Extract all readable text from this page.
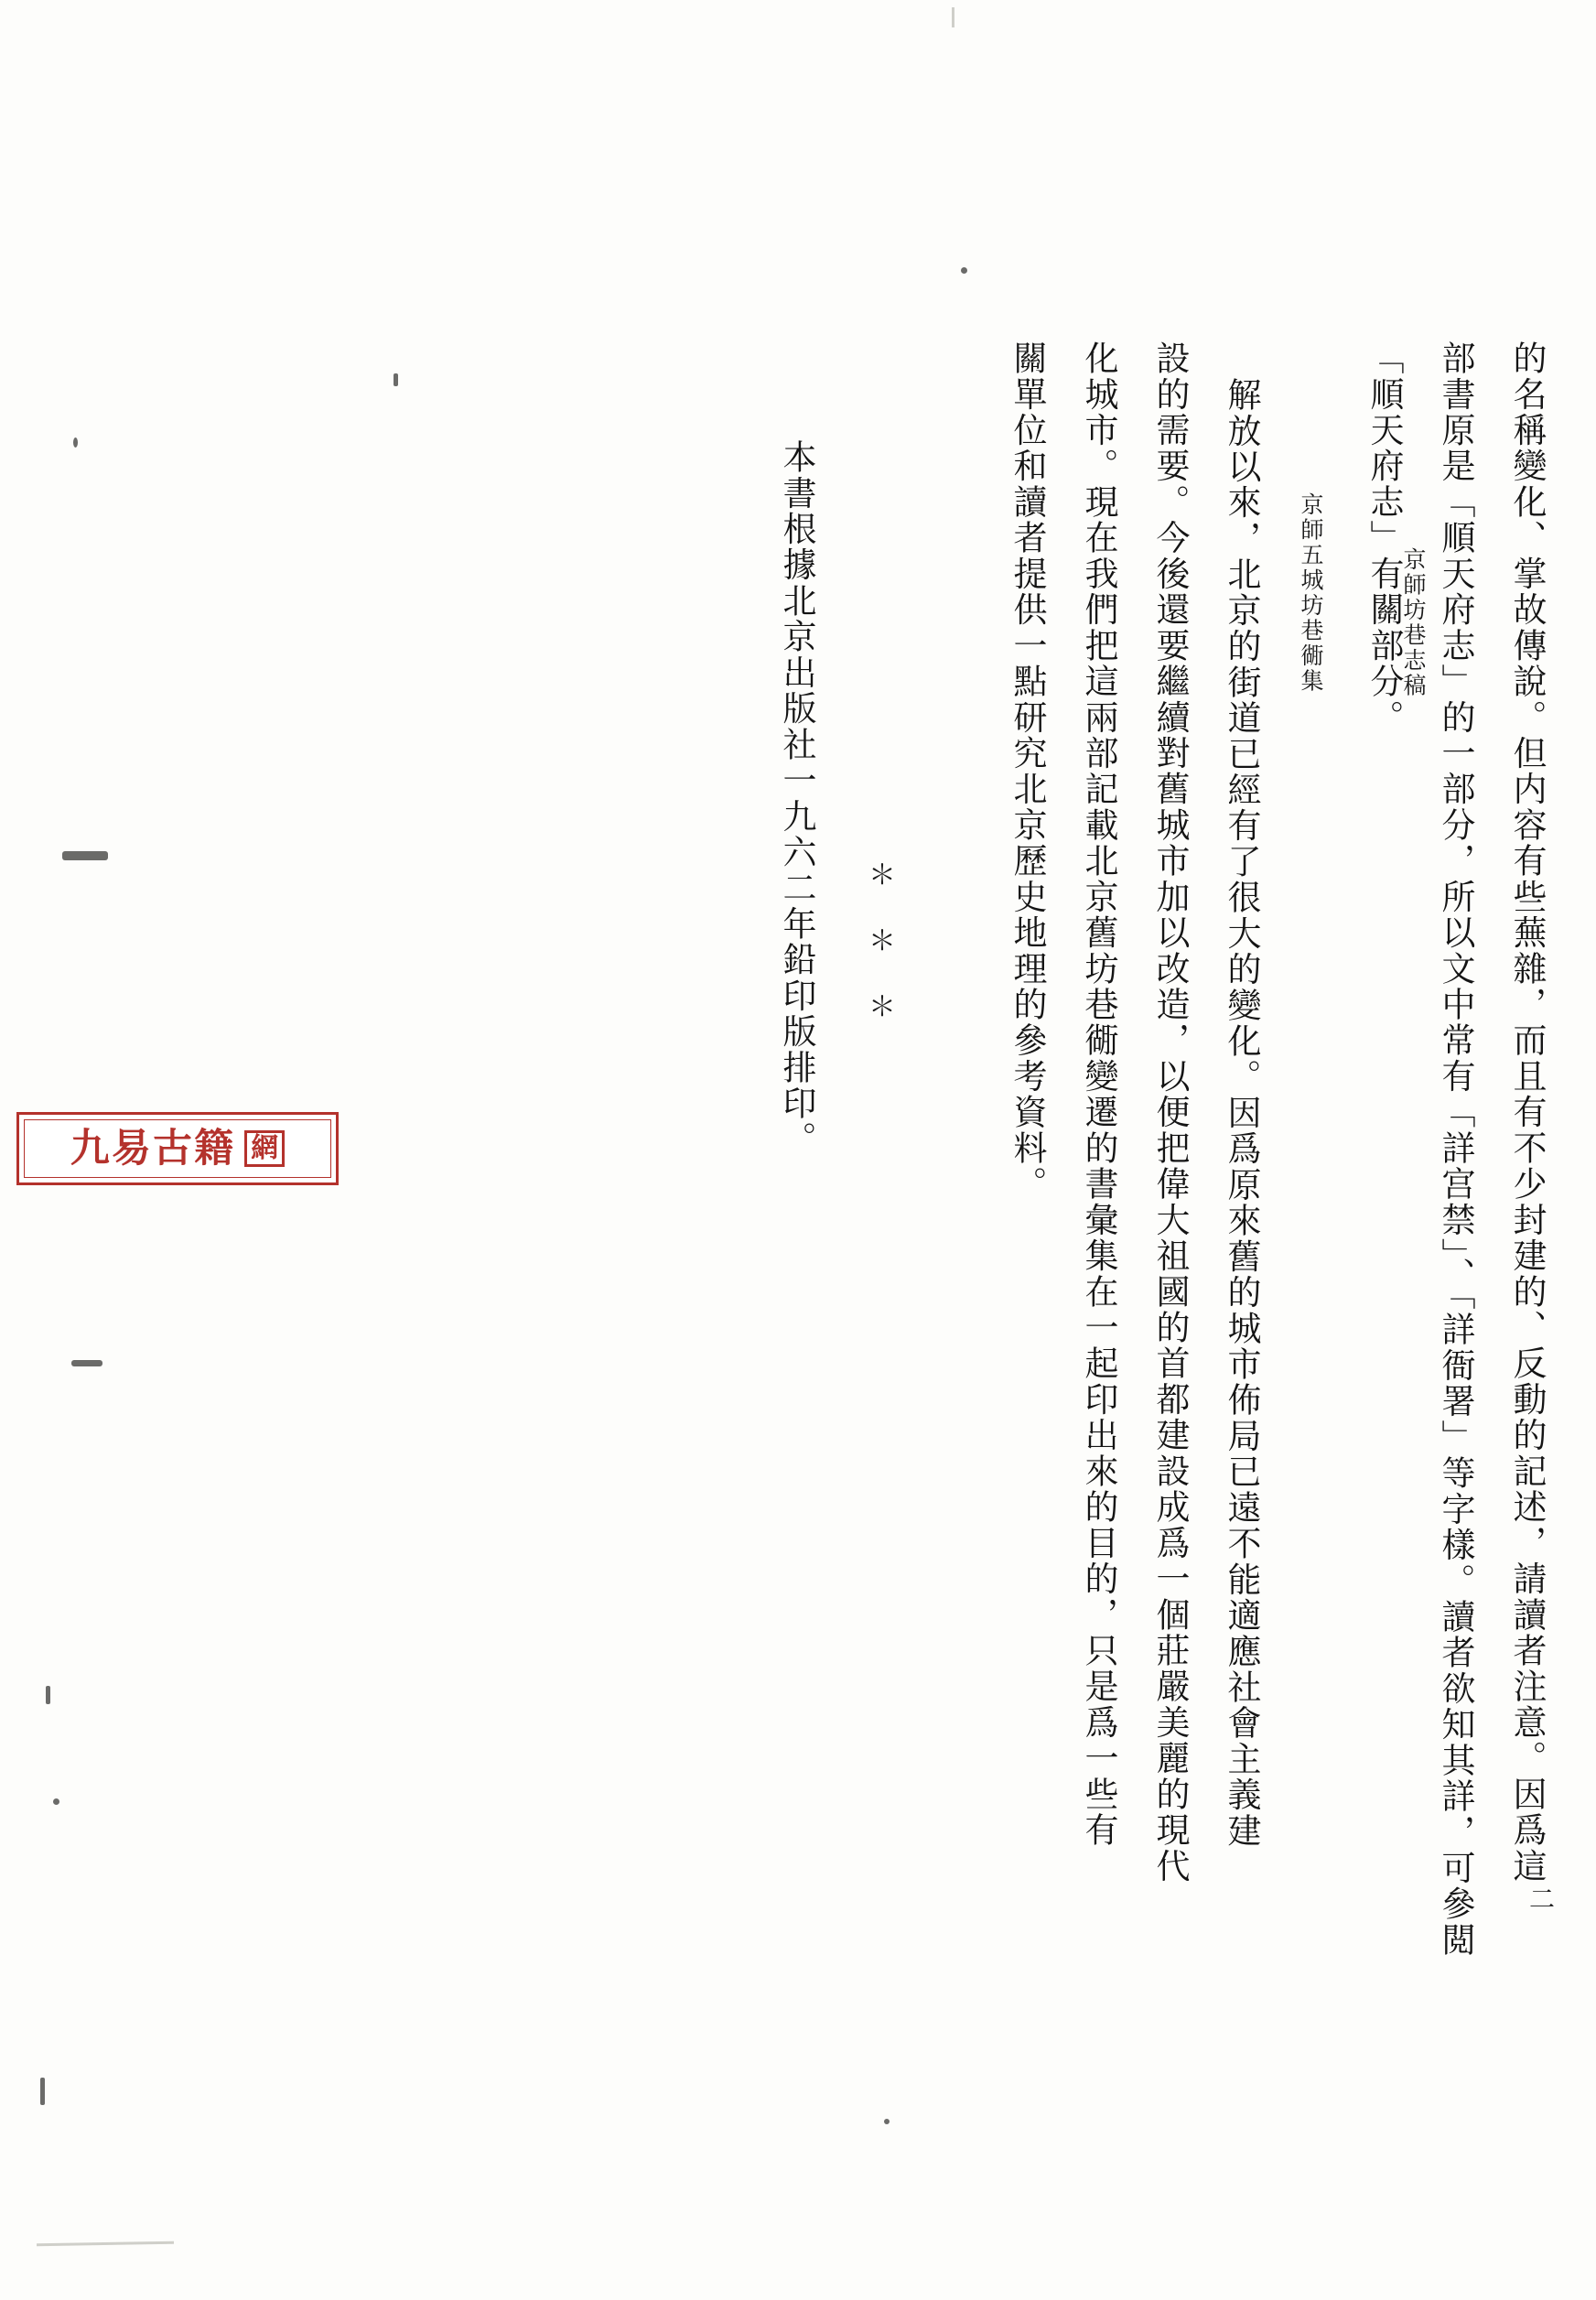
京師坊巷志稿
京師五城坊巷衚集
二
的名稱變化、掌故傳說。但内容有些蕪雜，而且有不少封建的、反動的記述，請讀者注意。因爲這
部書原是「順天府志」的一部分，所以文中常有「詳宫禁」、「詳衙署」等字樣。讀者欲知其詳，可參閲
「順天府志」有關部分。
解放以來，北京的街道已經有了很大的變化。因爲原來舊的城市佈局已遠不能適應社會主義建
設的需要。今後還要繼續對舊城市加以改造，以便把偉大祖國的首都建設成爲一個莊嚴美麗的現代
化城市。現在我們把這兩部記載北京舊坊巷衚變遷的書彙集在一起印出來的目的，只是爲一些有
關單位和讀者提供一點研究北京歷史地理的參考資料。
＊＊＊
本書根據北京出版社一九六二年鉛印版排印。
九易古籍 網
